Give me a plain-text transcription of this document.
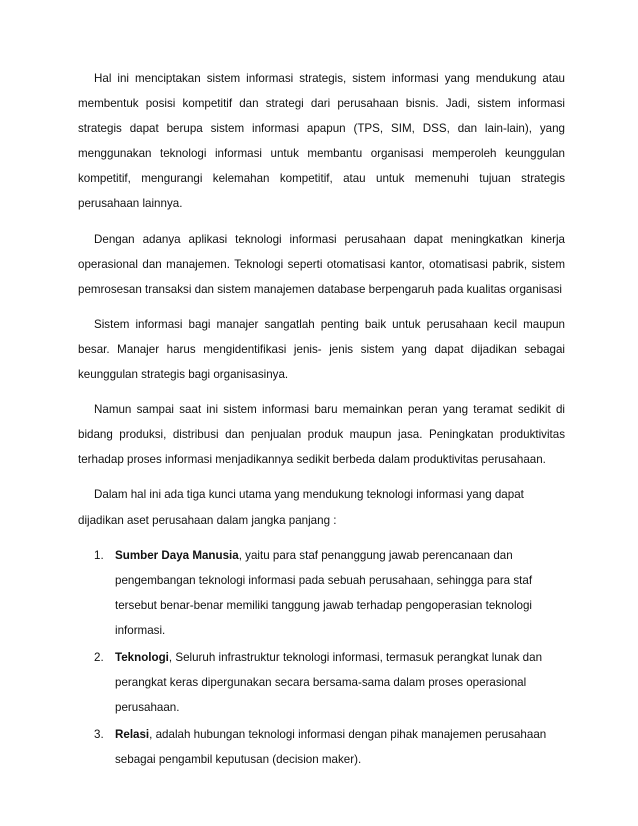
Hal ini menciptakan sistem informasi strategis, sistem informasi yang mendukung atau membentuk posisi kompetitif dan strategi dari perusahaan bisnis. Jadi, sistem informasi strategis dapat berupa sistem informasi apapun (TPS, SIM, DSS, dan lain-lain), yang menggunakan teknologi informasi untuk membantu organisasi memperoleh keunggulan kompetitif, mengurangi kelemahan kompetitif, atau untuk memenuhi tujuan strategis perusahaan lainnya.

Dengan adanya aplikasi teknologi informasi perusahaan dapat meningkatkan kinerja operasional dan manajemen. Teknologi seperti otomatisasi kantor, otomatisasi pabrik, sistem pemrosesan transaksi dan sistem manajemen database berpengaruh pada kualitas organisasi

Sistem informasi bagi manajer sangatlah penting baik untuk perusahaan kecil maupun besar. Manajer harus mengidentifikasi jenis- jenis sistem yang dapat dijadikan sebagai keunggulan strategis bagi organisasinya.

Namun sampai saat ini sistem informasi baru memainkan peran yang teramat sedikit di bidang produksi, distribusi dan penjualan produk maupun jasa. Peningkatan produktivitas terhadap proses informasi menjadikannya sedikit berbeda dalam produktivitas perusahaan.

Dalam hal ini ada tiga kunci utama yang mendukung teknologi informasi yang dapat dijadikan aset perusahaan dalam jangka panjang :

1. Sumber Daya Manusia, yaitu para staf penanggung jawab perencanaan dan pengembangan teknologi informasi pada sebuah perusahaan, sehingga para staf tersebut benar-benar memiliki tanggung jawab terhadap pengoperasian teknologi informasi.
2. Teknologi, Seluruh infrastruktur teknologi informasi, termasuk perangkat lunak dan perangkat keras dipergunakan secara bersama-sama dalam proses operasional perusahaan.
3. Relasi, adalah hubungan teknologi informasi dengan pihak manajemen perusahaan sebagai pengambil keputusan (decision maker).
